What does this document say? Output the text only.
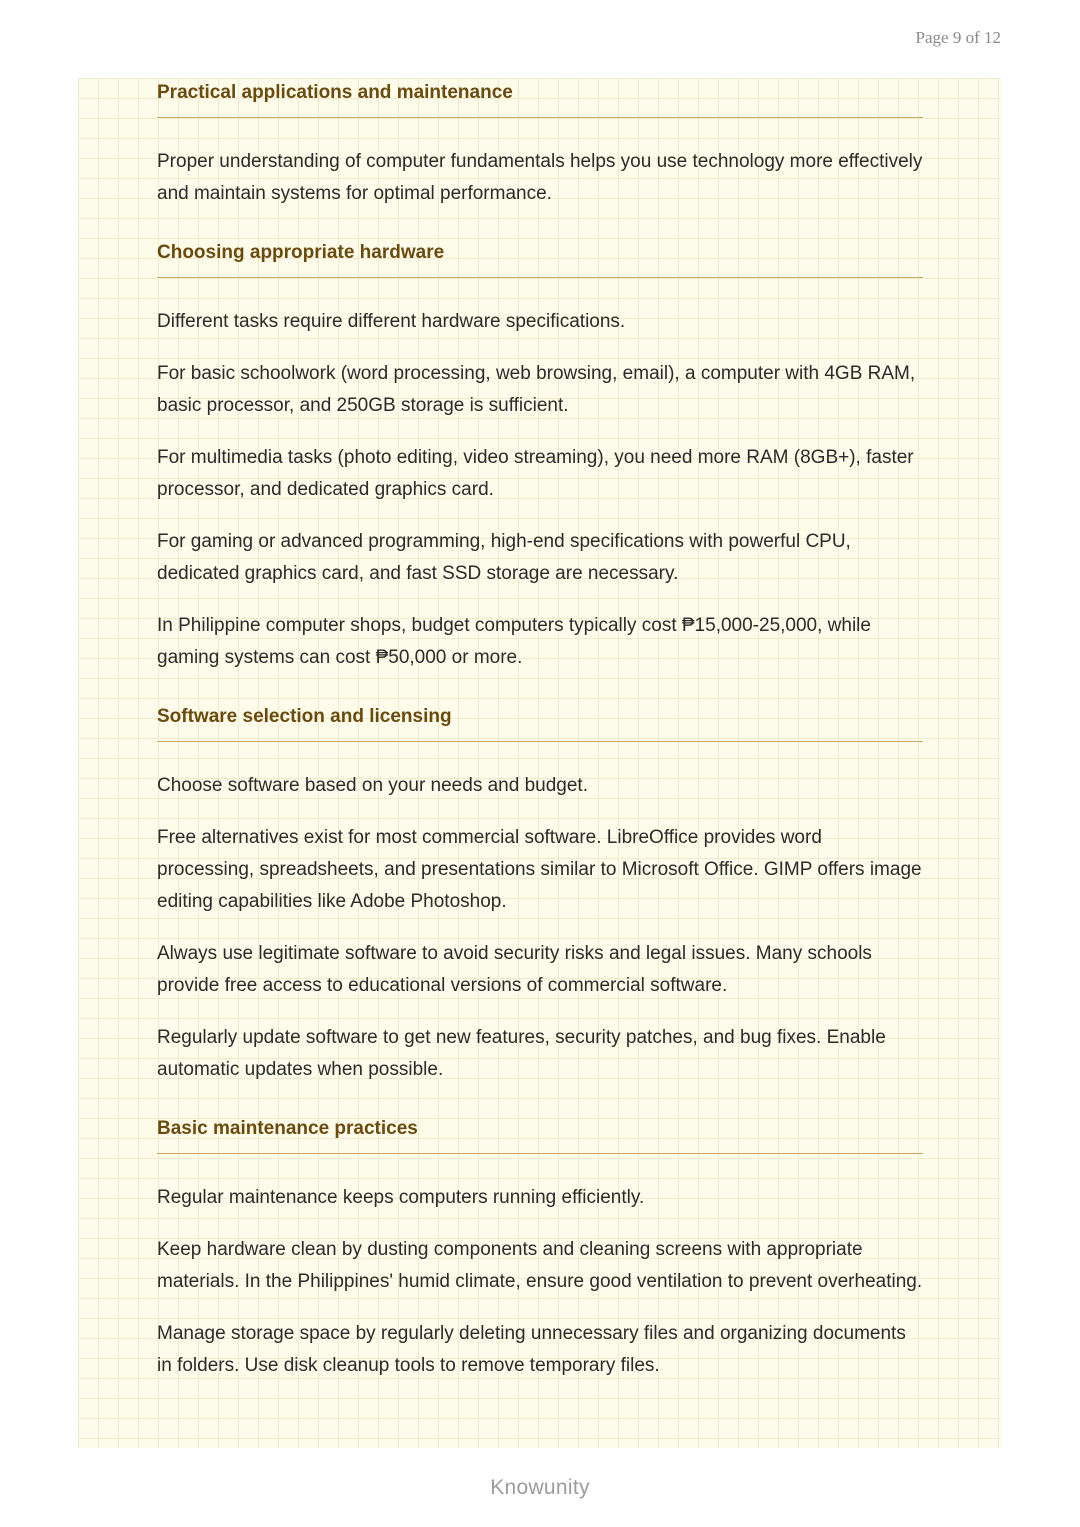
Page 9 of 12
Practical applications and maintenance

Proper understanding of computer fundamentals helps you use technology more effectively and maintain systems for optimal performance.

Choosing appropriate hardware

Different tasks require different hardware specifications.

For basic schoolwork (word processing, web browsing, email), a computer with 4GB RAM, basic processor, and 250GB storage is sufficient.

For multimedia tasks (photo editing, video streaming), you need more RAM (8GB+), faster processor, and dedicated graphics card.

For gaming or advanced programming, high-end specifications with powerful CPU, dedicated graphics card, and fast SSD storage are necessary.

In Philippine computer shops, budget computers typically cost ₱15,000-25,000, while gaming systems can cost ₱50,000 or more.

Software selection and licensing

Choose software based on your needs and budget.

Free alternatives exist for most commercial software. LibreOffice provides word processing, spreadsheets, and presentations similar to Microsoft Office. GIMP offers image editing capabilities like Adobe Photoshop.

Always use legitimate software to avoid security risks and legal issues. Many schools provide free access to educational versions of commercial software.

Regularly update software to get new features, security patches, and bug fixes. Enable automatic updates when possible.

Basic maintenance practices

Regular maintenance keeps computers running efficiently.

Keep hardware clean by dusting components and cleaning screens with appropriate materials. In the Philippines' humid climate, ensure good ventilation to prevent overheating.

Manage storage space by regularly deleting unnecessary files and organizing documents in folders. Use disk cleanup tools to remove temporary files.

Knowunity
